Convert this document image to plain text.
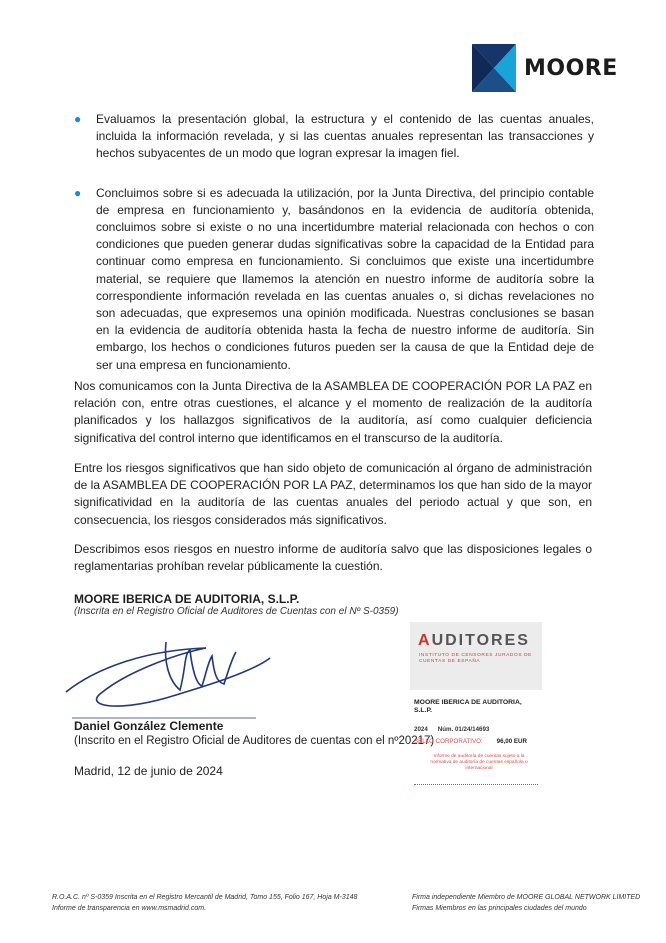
MOORE
●	Evaluamos la presentación global, la estructura y el contenido de las cuentas anuales, incluida la información revelada, y si las cuentas anuales representan las transacciones y hechos subyacentes de un modo que logran expresar la imagen fiel.
●	Concluimos sobre si es adecuada la utilización, por la Junta Directiva, del principio contable de empresa en funcionamiento y, basándonos en la evidencia de auditoría obtenida, concluimos sobre si existe o no una incertidumbre material relacionada con hechos o con condiciones que pueden generar dudas significativas sobre la capacidad de la Entidad para continuar como empresa en funcionamiento. Si concluimos que existe una incertidumbre material, se requiere que llamemos la atención en nuestro informe de auditoría sobre la correspondiente información revelada en las cuentas anuales o, si dichas revelaciones no son adecuadas, que expresemos una opinión modificada. Nuestras conclusiones se basan en la evidencia de auditoría obtenida hasta la fecha de nuestro informe de auditoría. Sin embargo, los hechos o condiciones futuros pueden ser la causa de que la Entidad deje de ser una empresa en funcionamiento.
Nos comunicamos con la Junta Directiva de la ASAMBLEA DE COOPERACIÓN POR LA PAZ en relación con, entre otras cuestiones, el alcance y el momento de realización de la auditoría planificados y los hallazgos significativos de la auditoría, así como cualquier deficiencia significativa del control interno que identificamos en el transcurso de la auditoría.
Entre los riesgos significativos que han sido objeto de comunicación al órgano de administración de la ASAMBLEA DE COOPERACIÓN POR LA PAZ, determinamos los que han sido de la mayor significatividad en la auditoría de las cuentas anuales del periodo actual y que son, en consecuencia, los riesgos considerados más significativos.
Describimos esos riesgos en nuestro informe de auditoría salvo que las disposiciones legales o reglamentarias prohíban revelar públicamente la cuestión.
MOORE IBERICA DE AUDITORIA, S.L.P.
(Inscrita en el Registro Oficial de Auditores de Cuentas con el Nº S-0359)
Daniel González Clemente
(Inscrito en el Registro Oficial de Auditores de cuentas con el nº20217)
Madrid, 12 de junio de 2024
AUDITORES
INSTITUTO DE CENSORES JURADOS DE CUENTAS DE ESPAÑA
MOORE IBERICA DE AUDITORIA, S.L.P.
2024 Núm. 01/24/14693
SELLO CORPORATIVO: 96,00 EUR
Informe de auditoría de cuentas sujeto a la normativa de auditoría de cuentas española o internacional
R.O.A.C. nº S-0359 Inscrita en el Registro Mercantil de Madrid, Tomo 155, Folio 167, Hoja M-3148
Informe de transparencia en www.msmadrid.com.
Firma independiente Miembro de MOORE GLOBAL NETWORK LIMITED
Firmas Miembros en las principales ciudades del mundo
